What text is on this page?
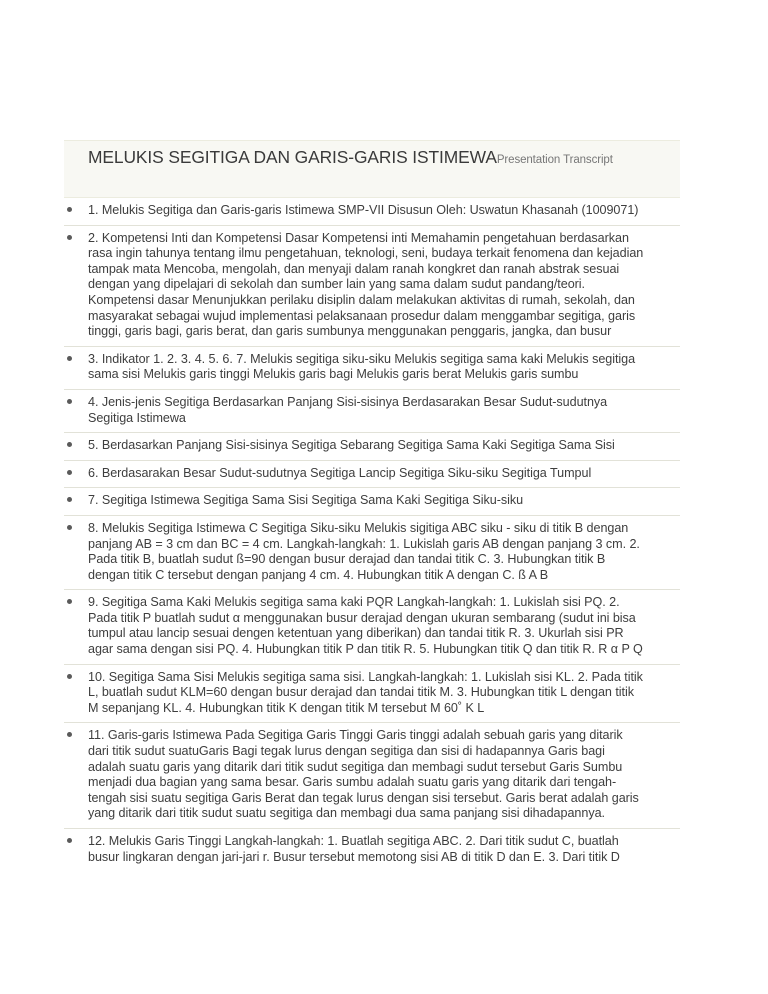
MELUKIS SEGITIGA DAN GARIS-GARIS ISTIMEWAPresentation Transcript
1. Melukis Segitiga dan Garis-garis Istimewa SMP-VII Disusun Oleh: Uswatun Khasanah (1009071)
2. Kompetensi Inti dan Kompetensi Dasar Kompetensi inti Memahamin pengetahuan berdasarkan
rasa ingin tahunya tentang ilmu pengetahuan, teknologi, seni, budaya terkait fenomena dan kejadian
tampak mata Mencoba, mengolah, dan menyaji dalam ranah kongkret dan ranah abstrak sesuai
dengan yang dipelajari di sekolah dan sumber lain yang sama dalam sudut pandang/teori.
Kompetensi dasar Menunjukkan perilaku disiplin dalam melakukan aktivitas di rumah, sekolah, dan
masyarakat sebagai wujud implementasi pelaksanaan prosedur dalam menggambar segitiga, garis
tinggi, garis bagi, garis berat, dan garis sumbunya menggunakan penggaris, jangka, dan busur
3. Indikator 1. 2. 3. 4. 5. 6. 7. Melukis segitiga siku-siku Melukis segitiga sama kaki Melukis segitiga
sama sisi Melukis garis tinggi Melukis garis bagi Melukis garis berat Melukis garis sumbu
4. Jenis-jenis Segitiga Berdasarkan Panjang Sisi-sisinya Berdasarakan Besar Sudut-sudutnya
Segitiga Istimewa
5. Berdasarkan Panjang Sisi-sisinya Segitiga Sebarang Segitiga Sama Kaki Segitiga Sama Sisi
6. Berdasarakan Besar Sudut-sudutnya Segitiga Lancip Segitiga Siku-siku Segitiga Tumpul
7. Segitiga Istimewa Segitiga Sama Sisi Segitiga Sama Kaki Segitiga Siku-siku
8. Melukis Segitiga Istimewa C Segitiga Siku-siku Melukis sigitiga ABC siku - siku di titik B dengan
panjang AB = 3 cm dan BC = 4 cm. Langkah-langkah: 1. Lukislah garis AB dengan panjang 3 cm. 2.
Pada titik B, buatlah sudut ß=90 dengan busur derajad dan tandai titik C. 3. Hubungkan titik B
dengan titik C tersebut dengan panjang 4 cm. 4. Hubungkan titik A dengan C. ß A B
9. Segitiga Sama Kaki Melukis segitiga sama kaki PQR Langkah-langkah: 1. Lukislah sisi PQ. 2.
Pada titik P buatlah sudut α menggunakan busur derajad dengan ukuran sembarang (sudut ini bisa
tumpul atau lancip sesuai dengen ketentuan yang diberikan) dan tandai titik R. 3. Ukurlah sisi PR
agar sama dengan sisi PQ. 4. Hubungkan titik P dan titik R. 5. Hubungkan titik Q dan titik R. R α P Q
10. Segitiga Sama Sisi Melukis segitiga sama sisi. Langkah-langkah: 1. Lukislah sisi KL. 2. Pada titik
L, buatlah sudut KLM=60 dengan busur derajad dan tandai titik M. 3. Hubungkan titik L dengan titik
M sepanjang KL. 4. Hubungkan titik K dengan titik M tersebut M 60˚ K L
11. Garis-garis Istimewa Pada Segitiga Garis Tinggi Garis tinggi adalah sebuah garis yang ditarik
dari titik sudut suatuGaris Bagi tegak lurus dengan segitiga dan sisi di hadapannya Garis bagi
adalah suatu garis yang ditarik dari titik sudut segitiga dan membagi sudut tersebut Garis Sumbu
menjadi dua bagian yang sama besar. Garis sumbu adalah suatu garis yang ditarik dari tengah-
tengah sisi suatu segitiga Garis Berat dan tegak lurus dengan sisi tersebut. Garis berat adalah garis
yang ditarik dari titik sudut suatu segitiga dan membagi dua sama panjang sisi dihadapannya.
12. Melukis Garis Tinggi Langkah-langkah: 1. Buatlah segitiga ABC. 2. Dari titik sudut C, buatlah
busur lingkaran dengan jari-jari r. Busur tersebut memotong sisi AB di titik D dan E. 3. Dari titik D
